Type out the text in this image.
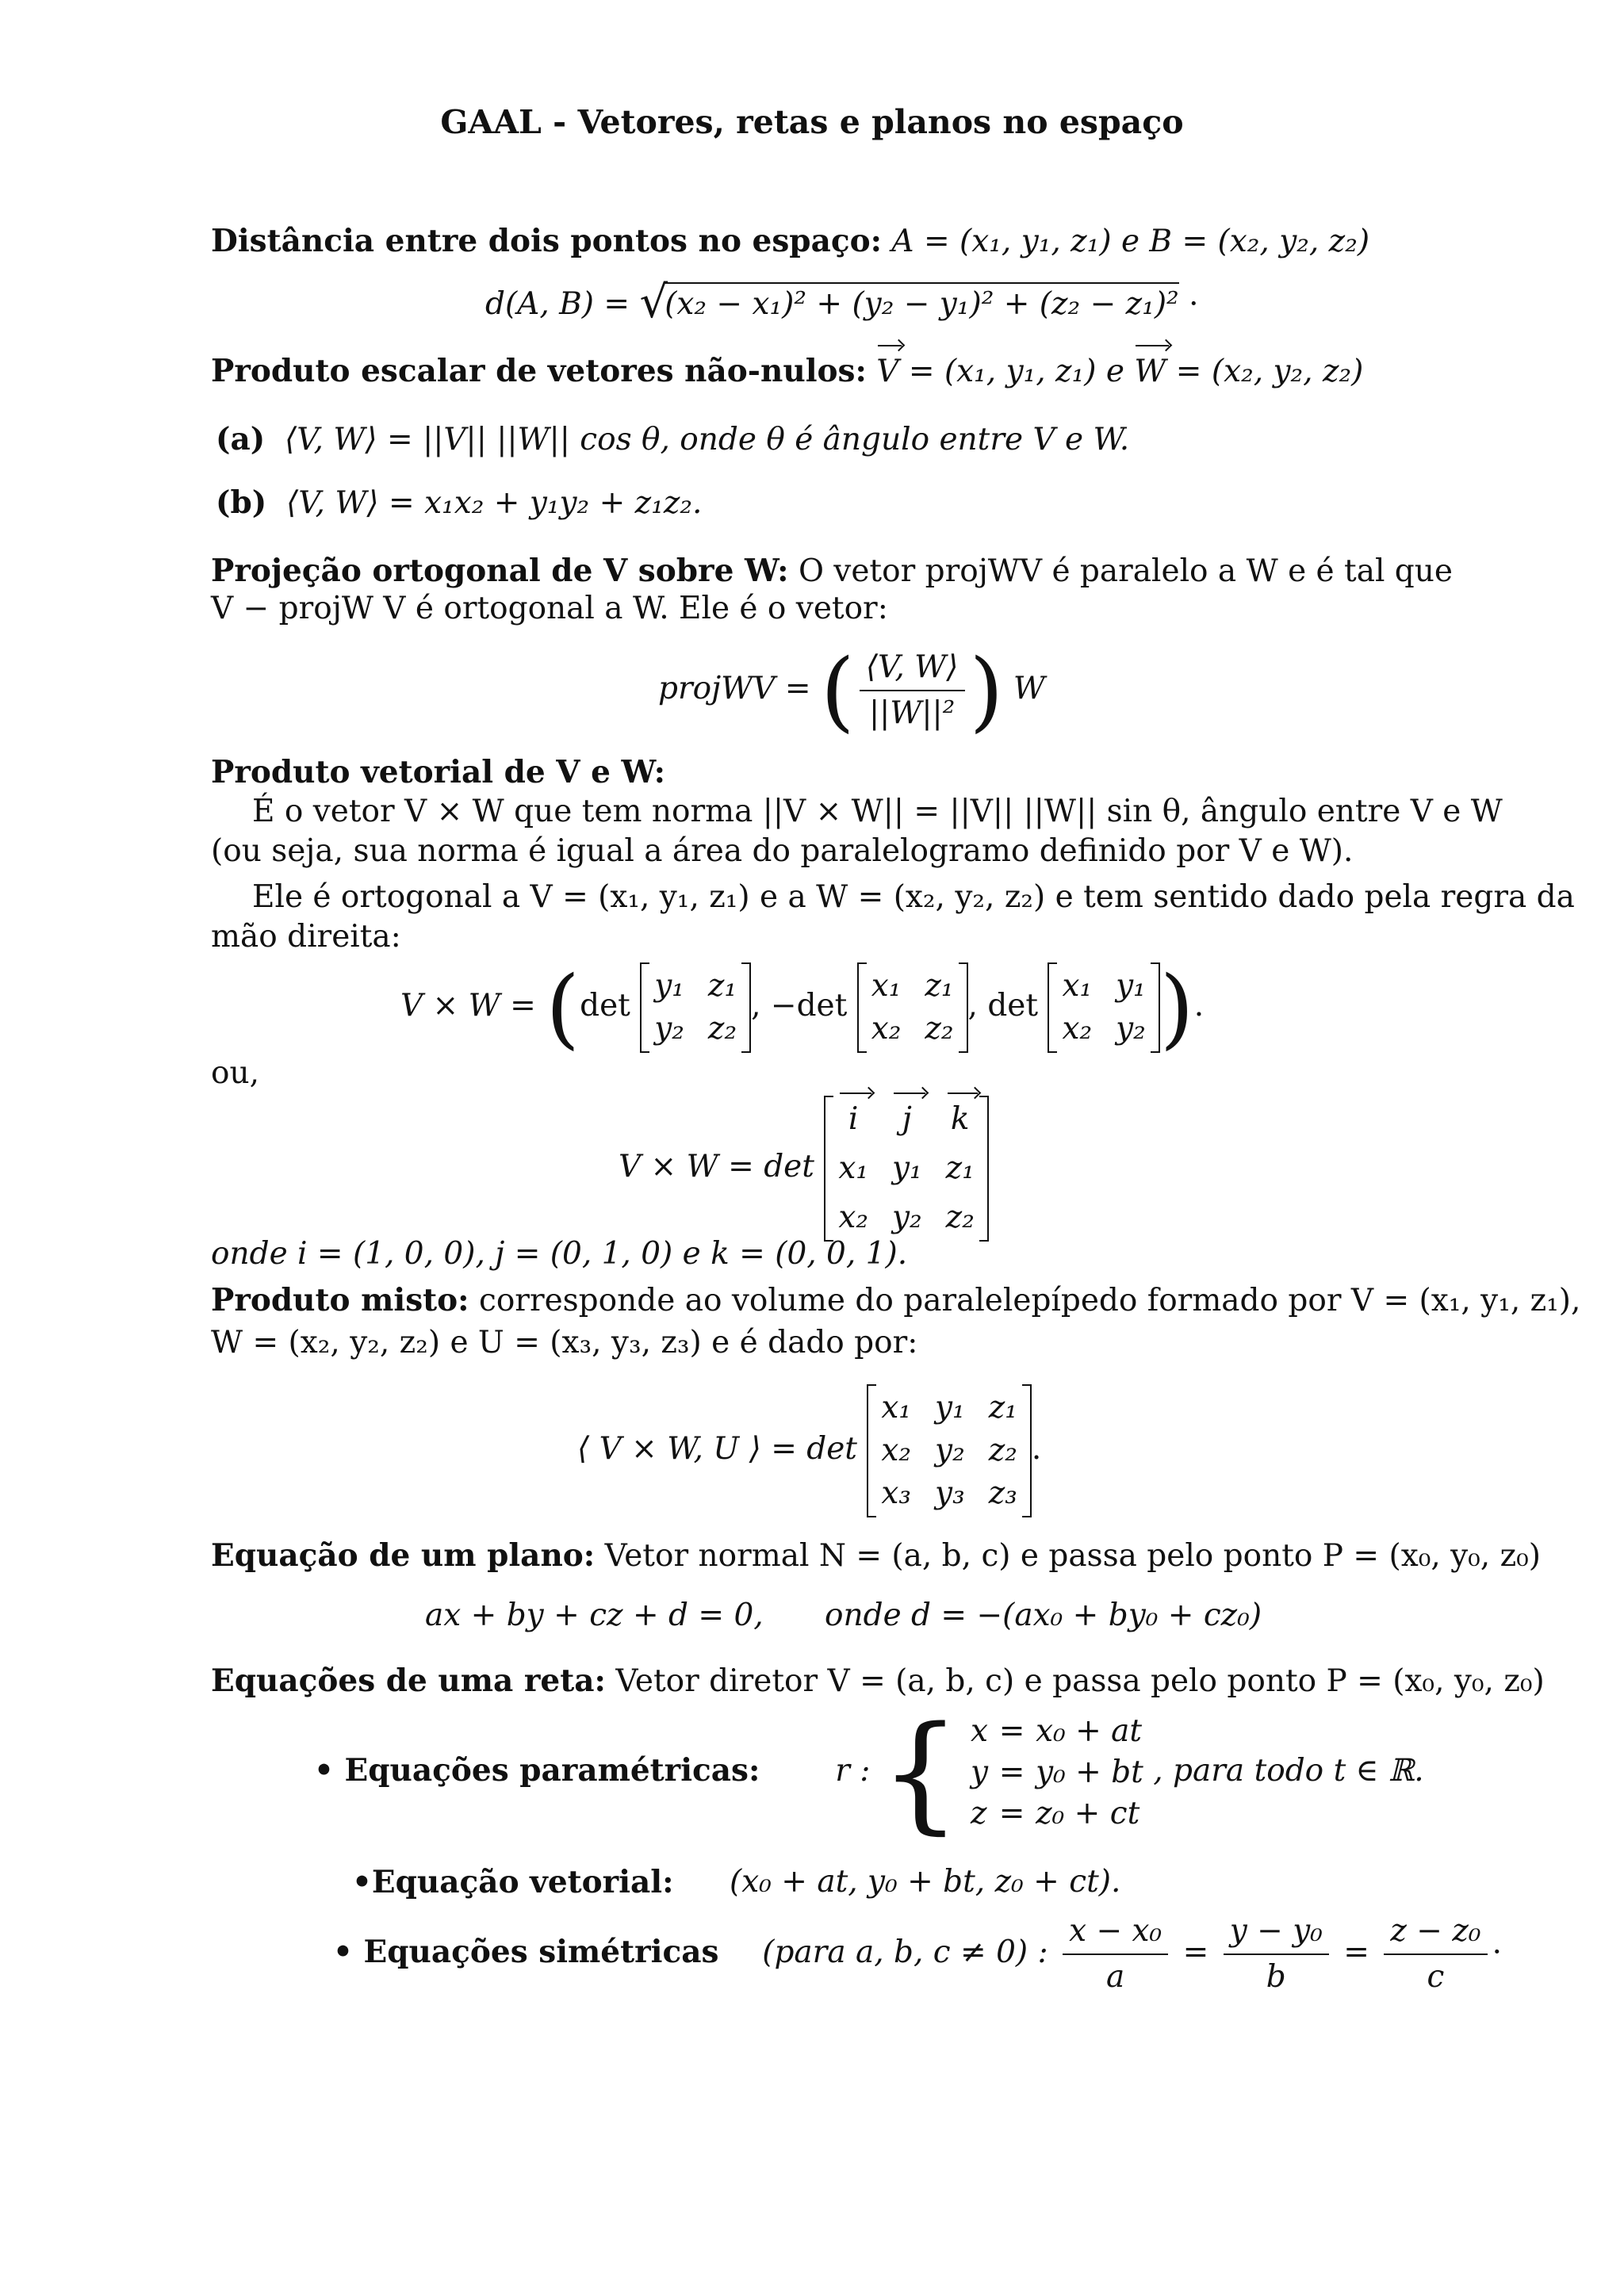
GAAL - Vetores, retas e planos no espaço
Distância entre dois pontos no espaço: A = (x₁, y₁, z₁) e B = (x₂, y₂, z₂)
d(A, B) = √(x₂ − x₁)² + (y₂ − y₁)² + (z₂ − z₁)² ·
Produto escalar de vetores não-nulos: V = (x₁, y₁, z₁) e W = (x₂, y₂, z₂)
(a) ⟨V, W⟩ = ||V|| ||W|| cos θ, onde θ é ângulo entre V e W.
(b) ⟨V, W⟩ = x₁x₂ + y₁y₂ + z₁z₂.
Projeção ortogonal de V sobre W: O vetor projWV é paralelo a W e é tal que
V − projW V é ortogonal a W. Ele é o vetor:
projWV = ( $\frac{⟨V, W⟩}{\text{||W||²}}$ ) W
Produto vetorial de V e W:
É o vetor V × W que tem norma ||V × W|| = ||V|| ||W|| sin θ, ângulo entre V e W
(ou seja, sua norma é igual a área do paralelogramo definido por V e W).
Ele é ortogonal a V = (x₁, y₁, z₁) e a W = (x₂, y₂, z₂) e tem sentido dado pela regra da
mão direita:
V × W = (det
y₁ z₁
y₂ z₂
, −det
x₁ z₁
x₂ z₂
, det
x₁ y₁
x₂ y₂ ).
ou,
V × W = det
i	j	k
x₁ y₁ z₁
x₂ y₂ z₂
onde i = (1, 0, 0), j = (0, 1, 0) e k = (0, 0, 1).
Produto misto: corresponde ao volume do paralelepípedo formado por V = (x₁, y₁, z₁),
W = (x₂, y₂, z₂) e U = (x₃, y₃, z₃) e é dado por:
⟨ V × W, U ⟩ = det
x₁ y₁ z₁
x₂ y₂ z₂
x₃ y₃ z₃
.
Equação de um plano: Vetor normal N = (a, b, c) e passa pelo ponto P = (x₀, y₀, z₀)
ax + by + cz + d = 0, onde d = −(ax₀ + by₀ + cz₀)
Equações de uma reta: Vetor diretor V = (a, b, c) e passa pelo ponto P = (x₀, y₀, z₀)
• Equações paramétricas: r : { x = x₀ + at
y = y₀ + bt
z = z₀ + ct
, para todo t ∈ ℝ.
•Equação vetorial: (x₀ + at, y₀ + bt, z₀ + ct).
• Equações simétricas (para a, b, c ≠ 0) : $\frac{\text{x − x₀}}{a} = \frac{\text{y − y₀}}{b} = \frac{\text{z − z₀}}{c}$ ·
